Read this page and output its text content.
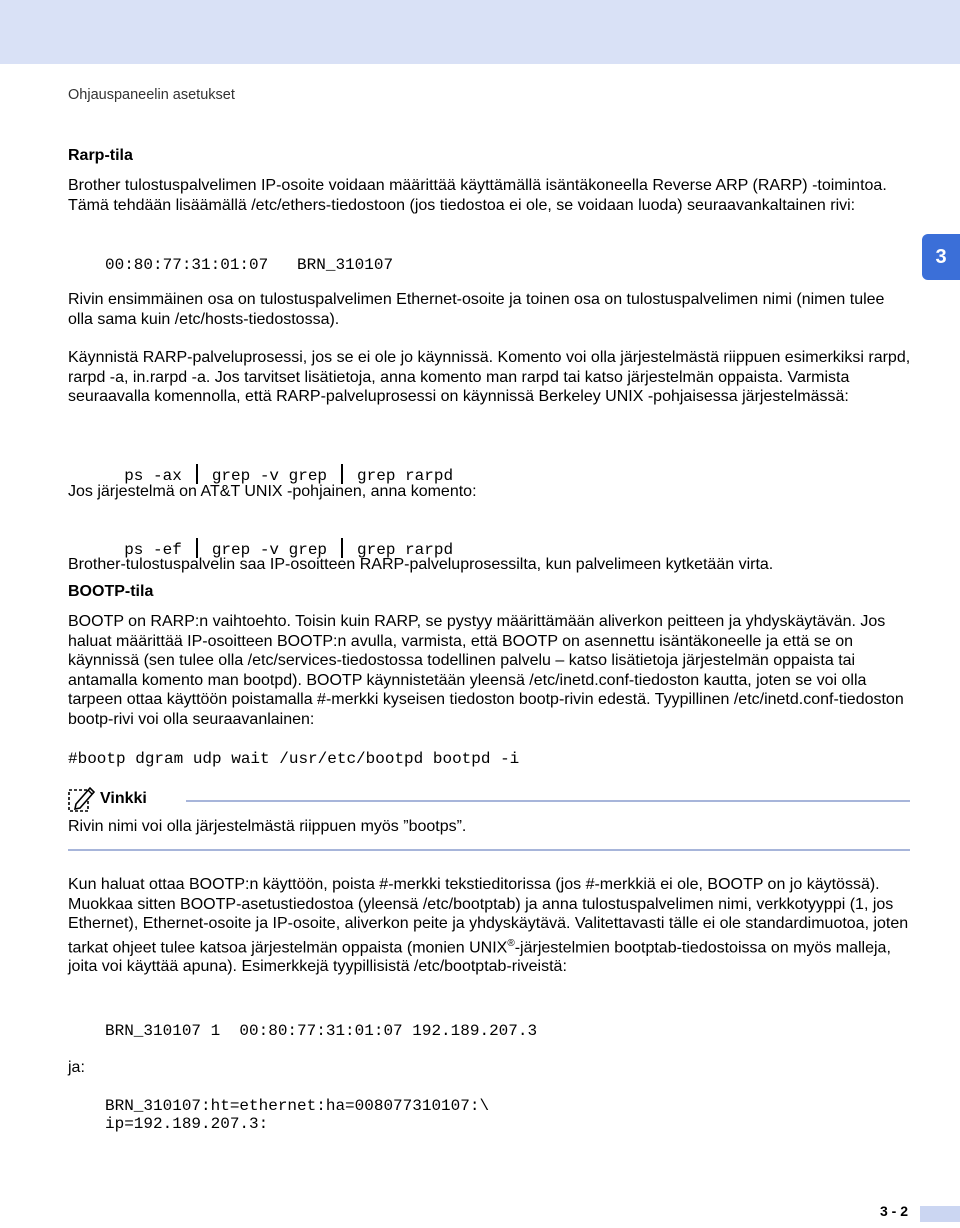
Ohjauspaneelin asetukset
3
Rarp-tila
Brother tulostuspalvelimen IP-osoite voidaan määrittää käyttämällä isäntäkoneella Reverse ARP (RARP) -toimintoa. Tämä tehdään lisäämällä /etc/ethers-tiedostoon (jos tiedostoa ei ole, se voidaan luoda) seuraavankaltainen rivi:
00:80:77:31:01:07   BRN_310107
Rivin ensimmäinen osa on tulostuspalvelimen Ethernet-osoite ja toinen osa on tulostuspalvelimen nimi (nimen tulee olla sama kuin /etc/hosts-tiedostossa).
Käynnistä RARP-palveluprosessi, jos se ei ole jo käynnissä. Komento voi olla järjestelmästä riippuen esimerkiksi rarpd, rarpd -a, in.rarpd -a. Jos tarvitset lisätietoja, anna komento man rarpd tai katso järjestelmän oppaista. Varmista seuraavalla komennolla, että RARP-palveluprosessi on käynnissä Berkeley UNIX -pohjaisessa järjestelmässä:

ps -ax grep -v grep grep rarpd

Jos järjestelmä on AT&T UNIX -pohjainen, anna komento:

ps -ef grep -v grep grep rarpd

Brother-tulostuspalvelin saa IP-osoitteen RARP-palveluprosessilta, kun palvelimeen kytketään virta.
BOOTP-tila
BOOTP on RARP:n vaihtoehto. Toisin kuin RARP, se pystyy määrittämään aliverkon peitteen ja yhdyskäytävän. Jos haluat määrittää IP-osoitteen BOOTP:n avulla, varmista, että BOOTP on asennettu isäntäkoneelle ja että se on käynnissä (sen tulee olla /etc/services-tiedostossa todellinen palvelu – katso lisätietoja järjestelmän oppaista tai antamalla komento man bootpd). BOOTP käynnistetään yleensä /etc/inetd.conf-tiedoston kautta, joten se voi olla tarpeen ottaa käyttöön poistamalla #-merkki kyseisen tiedoston bootp-rivin edestä. Tyypillinen /etc/inetd.conf-tiedoston bootp-rivi voi olla seuraavanlainen:
#bootp dgram udp wait /usr/etc/bootpd bootpd -i
Vinkki
Rivin nimi voi olla järjestelmästä riippuen myös ”bootps”.
Kun haluat ottaa BOOTP:n käyttöön, poista #-merkki tekstieditorissa (jos #-merkkiä ei ole, BOOTP on jo käytössä). Muokkaa sitten BOOTP-asetustiedostoa (yleensä /etc/bootptab) ja anna tulostuspalvelimen nimi, verkkotyyppi (1, jos Ethernet), Ethernet-osoite ja IP-osoite, aliverkon peite ja yhdyskäytävä. Valitettavasti tälle ei ole standardimuotoa, joten tarkat ohjeet tulee katsoa järjestelmän oppaista (monien UNIX®-järjestelmien bootptab-tiedostoissa on myös malleja, joita voi käyttää apuna). Esimerkkejä tyypillisistä /etc/bootptab-riveistä:
BRN_310107 1  00:80:77:31:01:07 192.189.207.3
ja:
BRN_310107:ht=ethernet:ha=008077310107:\
ip=192.189.207.3:
3 - 2
